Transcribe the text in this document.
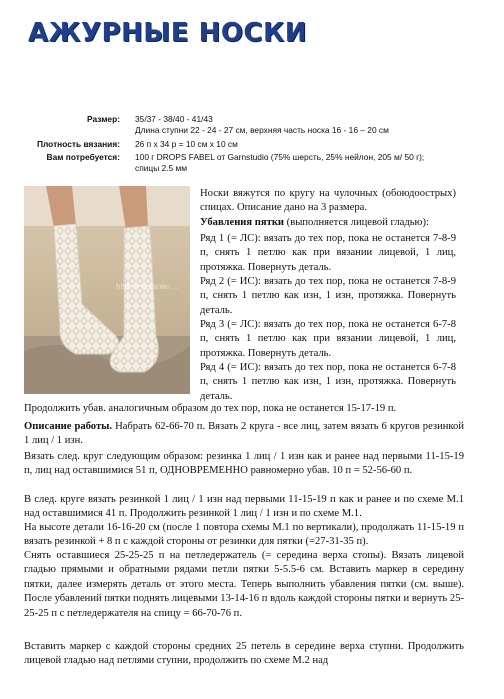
АЖУРНЫЕ НОСКИ
Размер: 35/37 - 38/40 - 41/43
Длина ступни 22 - 24 - 27 см, верхняя часть носка 16 - 16 – 20 см
Плотность вязания: 26 п х 34 р = 10 см х 10 см
Вам потребуется: 100 г DROPS FABEL от Garnstudio (75% шерсть, 25% нейлон, 205 м/ 50 г);
спицы 2.5 мм
http://vyazanie-…
Носки вяжутся по кругу на чулочных (обоюдоострых) спицах. Описание дано на 3 размера.
Убавления пятки (выполняется лицевой гладью):
Ряд 1 (= ЛС): вязать до тех пор, пока не останется 7-8-9 п, снять 1 петлю как при вязании лицевой, 1 лиц, протяжка. Повернуть деталь.
Ряд 2 (= ИС): вязать до тех пор, пока не останется 7-8-9 п, снять 1 петлю как изн, 1 изн, протяжка. Повернуть деталь.
Ряд 3 (= ЛС): вязать до тех пор, пока не останется 6-7-8 п, снять 1 петлю как при вязании лицевой, 1 лиц, протяжка. Повернуть деталь.
Ряд 4 (= ИС): вязать до тех пор, пока не останется 6-7-8 п, снять 1 петлю как изн, 1 изн, протяжка. Повернуть деталь.
Продолжить убав. аналогичным образом до тех пор, пока не останется 15-17-19 п.
Описание работы. Набрать 62-66-70 п. Вязать 2 круга - все лиц, затем вязать 6 кругов резинкой 1 лиц / 1 изн.
Вязать след. круг следующим образом: резинка 1 лиц / 1 изн как и ранее над первыми 11-15-19 п, лиц над оставшимися 51 п, ОДНОВРЕМЕННО равномерно убав. 10 п = 52-56-60 п.
В след. круге вязать резинкой 1 лиц / 1 изн над первыми 11-15-19 п как и ранее и по схеме М.1 над оставшимися 41 п. Продолжить резинкой 1 лиц / 1 изн и по схеме М.1.
На высоте детали 16-16-20 см (после 1 повтора схемы М.1 по вертикали), продолжать 11-15-19 п вязать резинкой + 8 п с каждой стороны от резинки для пятки (=27-31-35 п).
Снять оставшиеся 25-25-25 п на петледержатель (= середина верха стопы). Вязать лицевой гладью прямыми и обратными рядами петли пятки 5-5.5-6 см. Вставить маркер в середину пятки, далее измерять деталь от этого места. Теперь выполнить убавления пятки (см. выше). После убавлений пятки поднять лицевыми 13-14-16 п вдоль каждой стороны пятки и вернуть 25-25-25 п с петледержателя на спицу = 66-70-76 п.
Вставить маркер с каждой стороны средних 25 петель в середине верха ступни. Продолжить лицевой гладью над петлями ступни, продолжить по схеме М.2 над
